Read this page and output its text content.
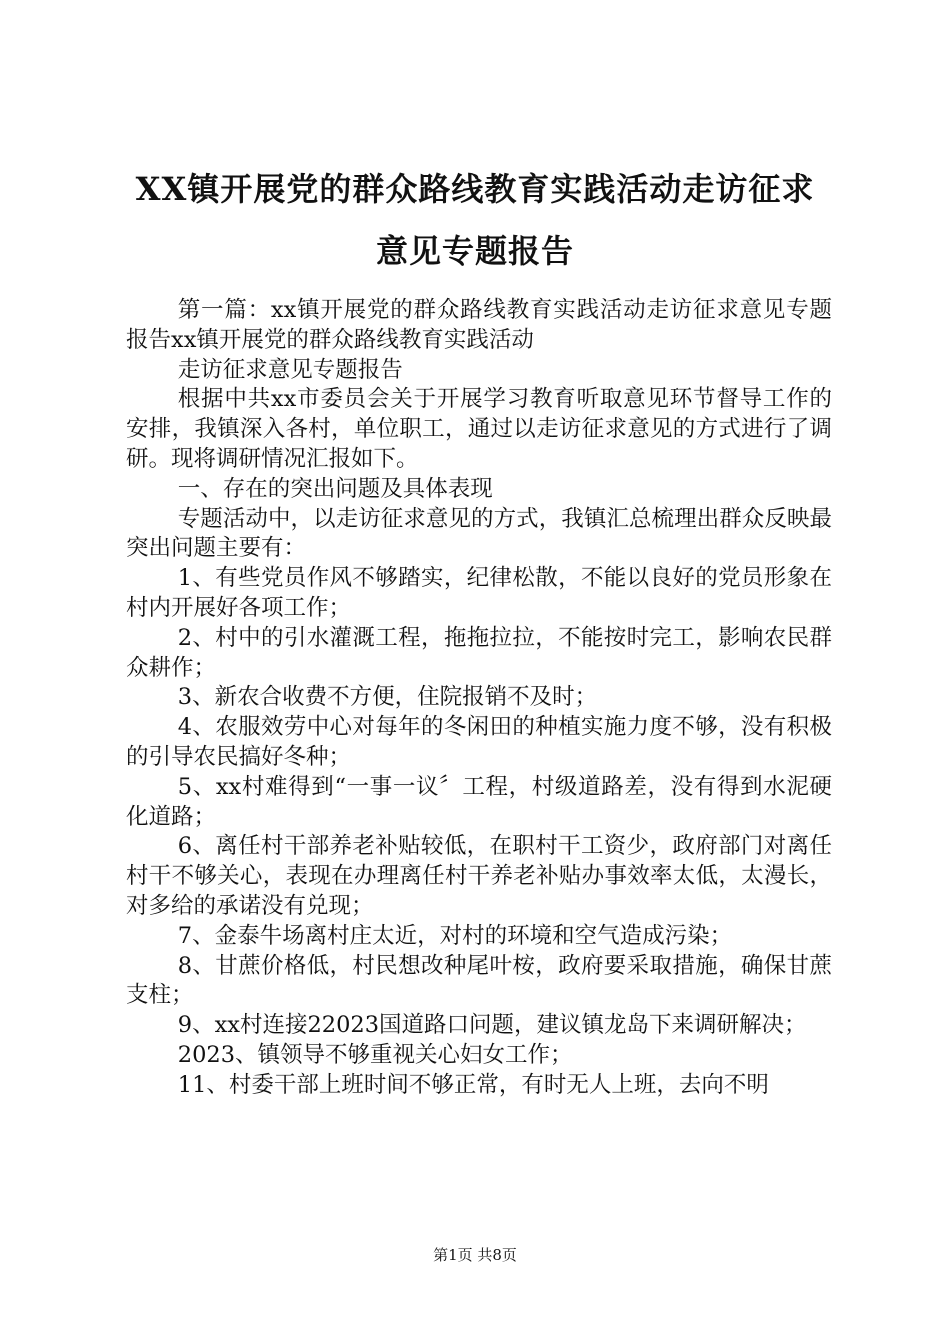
XX镇开展党的群众路线教育实践活动走访征求意见专题报告

第一篇：xx镇开展党的群众路线教育实践活动走访征求意见专题报告xx镇开展党的群众路线教育实践活动

走访征求意见专题报告

根据中共xx市委员会关于开展学习教育听取意见环节督导工作的安排，我镇深入各村，单位职工，通过以走访征求意见的方式进行了调研。现将调研情况汇报如下。

一、存在的突出问题及具体表现

专题活动中，以走访征求意见的方式，我镇汇总梳理出群众反映最突出问题主要有：

1、有些党员作风不够踏实，纪律松散，不能以良好的党员形象在村内开展好各项工作；

2、村中的引水灌溉工程，拖拖拉拉，不能按时完工，影响农民群众耕作；

3、新农合收费不方便，住院报销不及时；

4、农服效劳中心对每年的冬闲田的种植实施力度不够，没有积极的引导农民搞好冬种；

5、xx村难得到“一事一议〞工程，村级道路差，没有得到水泥硬化道路；

6、离任村干部养老补贴较低，在职村干工资少，政府部门对离任村干不够关心，表现在办理离任村干养老补贴办事效率太低，太漫长，对多给的承诺没有兑现；

7、金泰牛场离村庄太近，对村的环境和空气造成污染；

8、甘蔗价格低，村民想改种尾叶桉，政府要采取措施，确保甘蔗支柱；

9、xx村连接22023国道路口问题，建议镇龙岛下来调研解决；

2023、镇领导不够重视关心妇女工作；

11、村委干部上班时间不够正常，有时无人上班，去向不明

第1页 共8页
